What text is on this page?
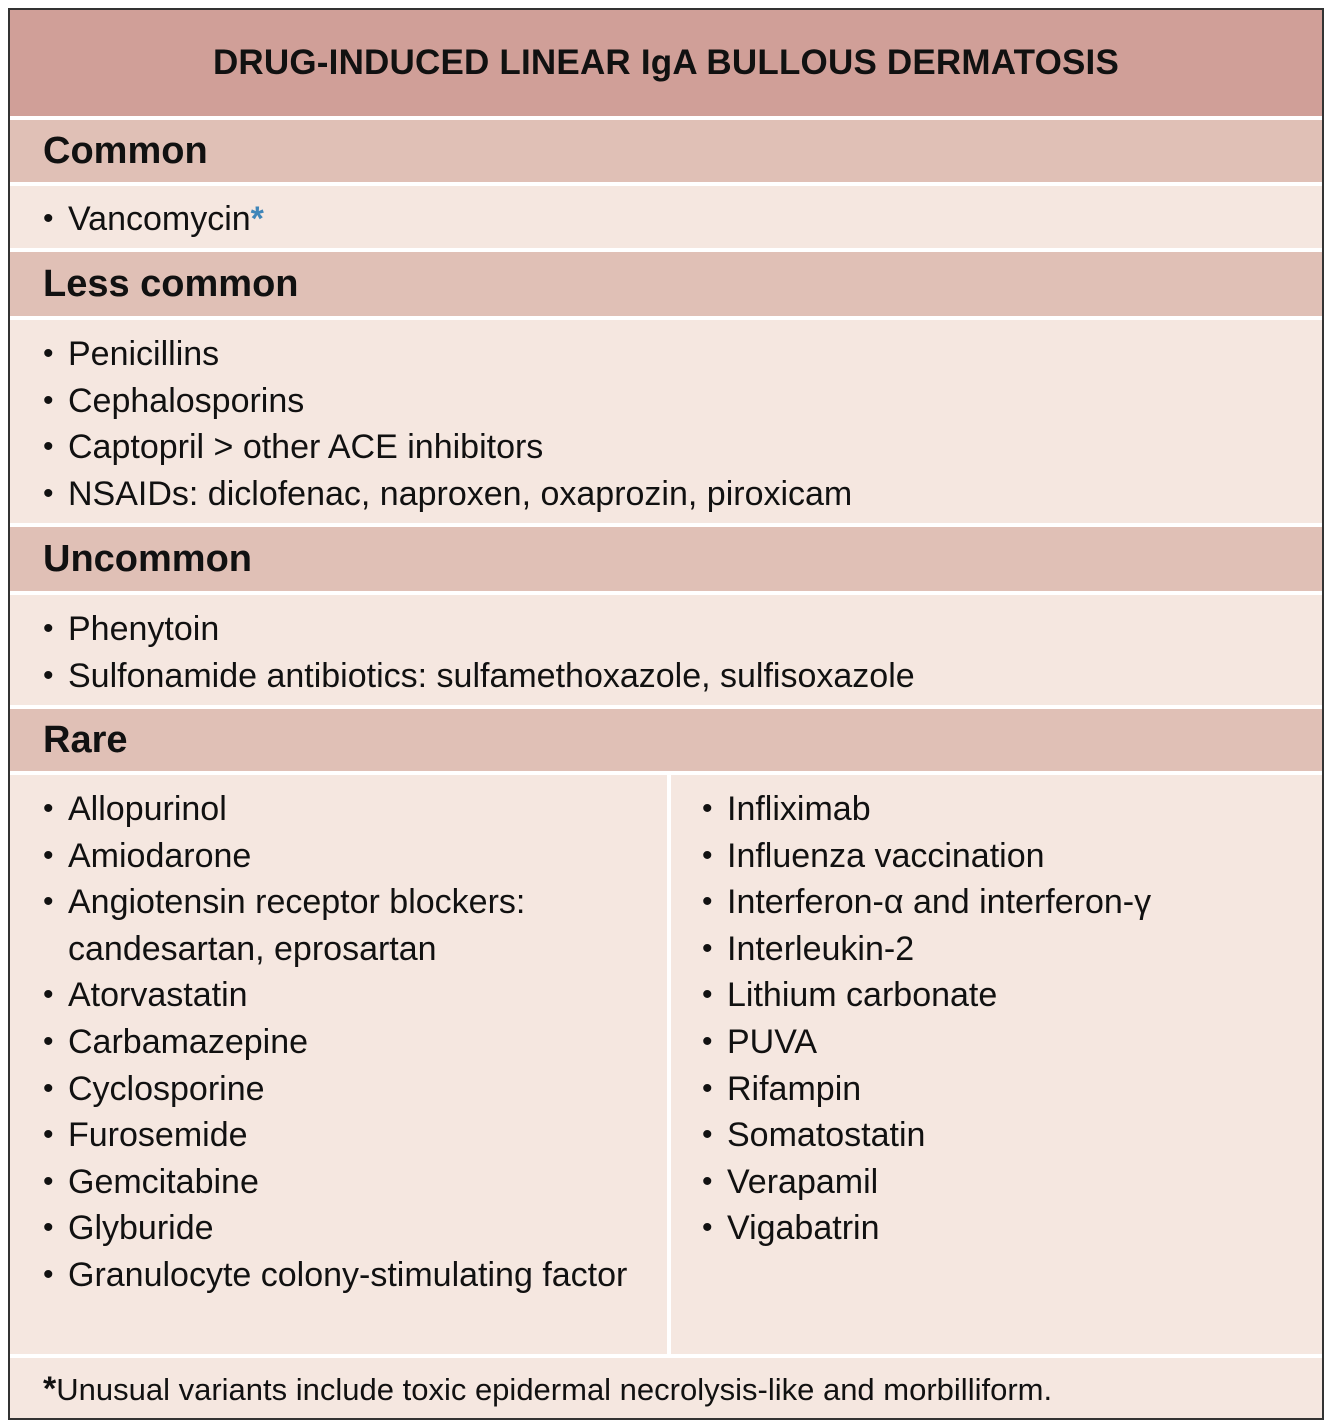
DRUG-INDUCED LINEAR IgA BULLOUS DERMATOSIS
Common
• Vancomycin*
Less common
• Penicillins
• Cephalosporins
• Captopril > other ACE inhibitors
• NSAIDs: diclofenac, naproxen, oxaprozin, piroxicam
Uncommon
• Phenytoin
• Sulfonamide antibiotics: sulfamethoxazole, sulfisoxazole
Rare
• Allopurinol
• Amiodarone
• Angiotensin receptor blockers: candesartan, eprosartan
• Atorvastatin
• Carbamazepine
• Cyclosporine
• Furosemide
• Gemcitabine
• Glyburide
• Granulocyte colony-stimulating factor
• Infliximab
• Influenza vaccination
• Interferon-α and interferon-γ
• Interleukin-2
• Lithium carbonate
• PUVA
• Rifampin
• Somatostatin
• Verapamil
• Vigabatrin
*Unusual variants include toxic epidermal necrolysis-like and morbilliform.
